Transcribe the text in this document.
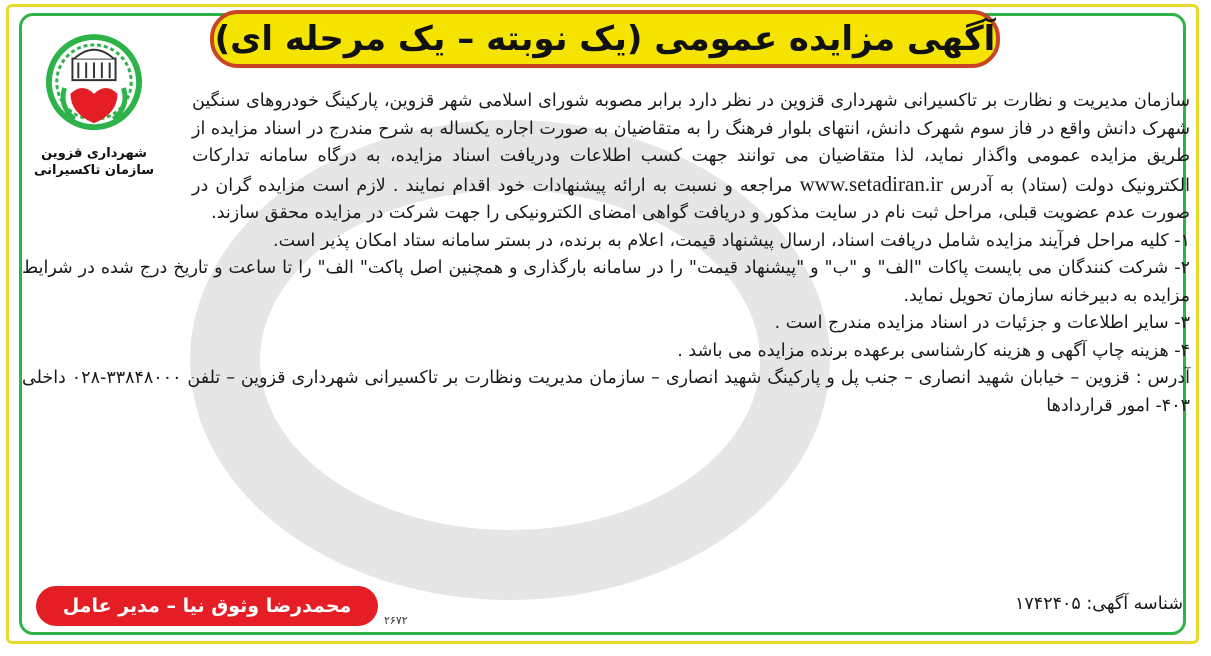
آگهی مزایده عمومی (یک نوبته – یک مرحله ای)
شهرداری قزوین
سازمان تاکسیرانی
سازمان مدیریت و نظارت بر تاکسیرانی شهرداری قزوین در نظر دارد برابر مصوبه شورای اسلامی شهر قزوین، پارکینگ خودروهای سنگین شهرک دانش واقع در فاز سوم شهرک دانش، انتهای بلوار فرهنگ را به متقاضیان به صورت اجاره یکساله به شرح مندرج در اسناد مزایده از طریق مزایده عمومی واگذار نماید، لذا متقاضیان می توانند جهت کسب اطلاعات ودریافت اسناد مزایده، به درگاه سامانه تدارکات الکترونیک دولت (ستاد) به آدرس www.setadiran.ir مراجعه و نسبت به ارائه پیشنهادات خود اقدام نمایند . لازم است مزایده گران در صورت عدم عضویت قبلی، مراحل ثبت نام در سایت مذکور و دریافت گواهی امضای الکترونیکی را جهت شرکت در مزایده محقق سازند.

۱- کلیه مراحل فرآیند مزایده شامل دریافت اسناد، ارسال پیشنهاد قیمت، اعلام به برنده، در بستر سامانه ستاد امکان پذیر است.

۲- شرکت کنندگان می بایست پاکات "الف" و "ب" و "پیشنهاد قیمت" را در سامانه بارگذاری و همچنین اصل پاکت" الف" را تا ساعت و تاریخ درج شده در شرایط مزایده به دبیرخانه سازمان تحویل نماید.

۳- سایر اطلاعات و جزئیات در اسناد مزایده مندرج است .

۴- هزینه چاپ آگهی و هزینه کارشناسی برعهده برنده مزایده می باشد .

آدرس : قزوین – خیابان شهید انصاری – جنب پل و پارکینگ شهید انصاری – سازمان مدیریت ونظارت بر تاکسیرانی شهرداری قزوین – تلفن ۳۳۸۴۸۰۰۰-۰۲۸ داخلی ۴۰۳- امور قراردادها

شناسه آگهی: ۱۷۴۲۴۰۵
محمدرضا وثوق نیا – مدیر عامل
۲۶۷۲
